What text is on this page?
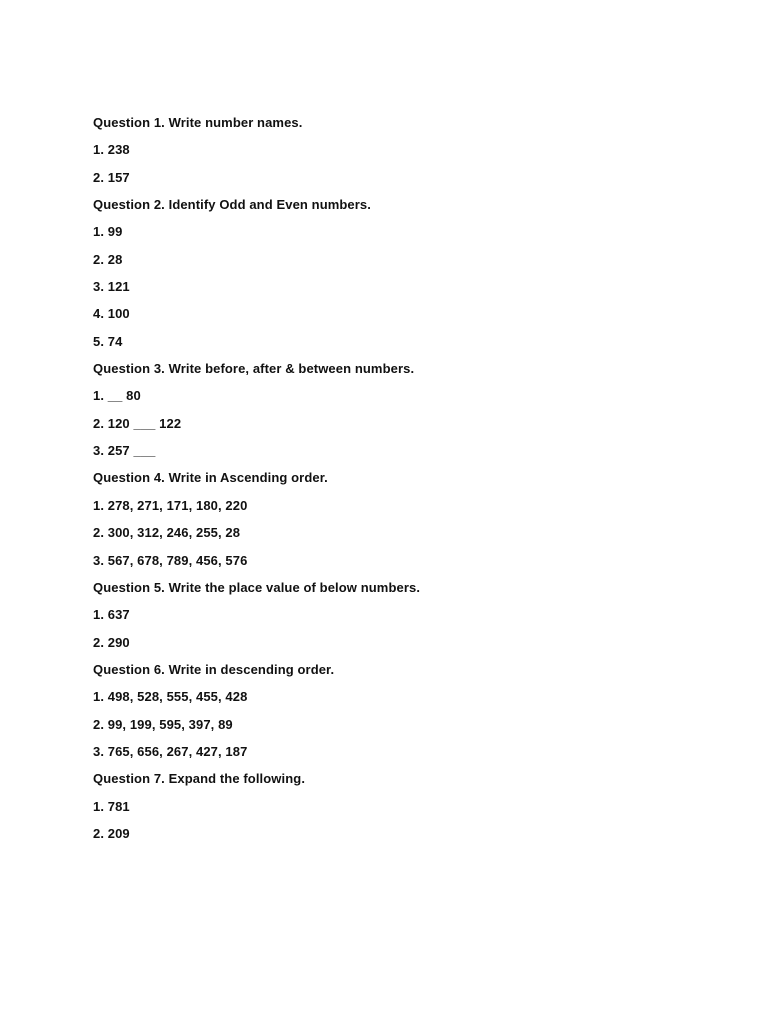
Question 1. Write number names.
1. 238
2. 157
Question 2. Identify Odd and Even numbers.
1. 99
2. 28
3. 121
4. 100
5. 74
Question 3. Write before, after & between numbers.
1. __ 80
2. 120 ___ 122
3. 257 ___
Question 4. Write in Ascending order.
1. 278, 271, 171, 180, 220
2. 300, 312, 246, 255, 28
3. 567, 678, 789, 456, 576
Question 5. Write the place value of below numbers.
1. 637
2. 290
Question 6. Write in descending order.
1. 498, 528, 555, 455, 428
2. 99, 199, 595, 397, 89
3. 765, 656, 267, 427, 187
Question 7. Expand the following.
1. 781
2. 209
